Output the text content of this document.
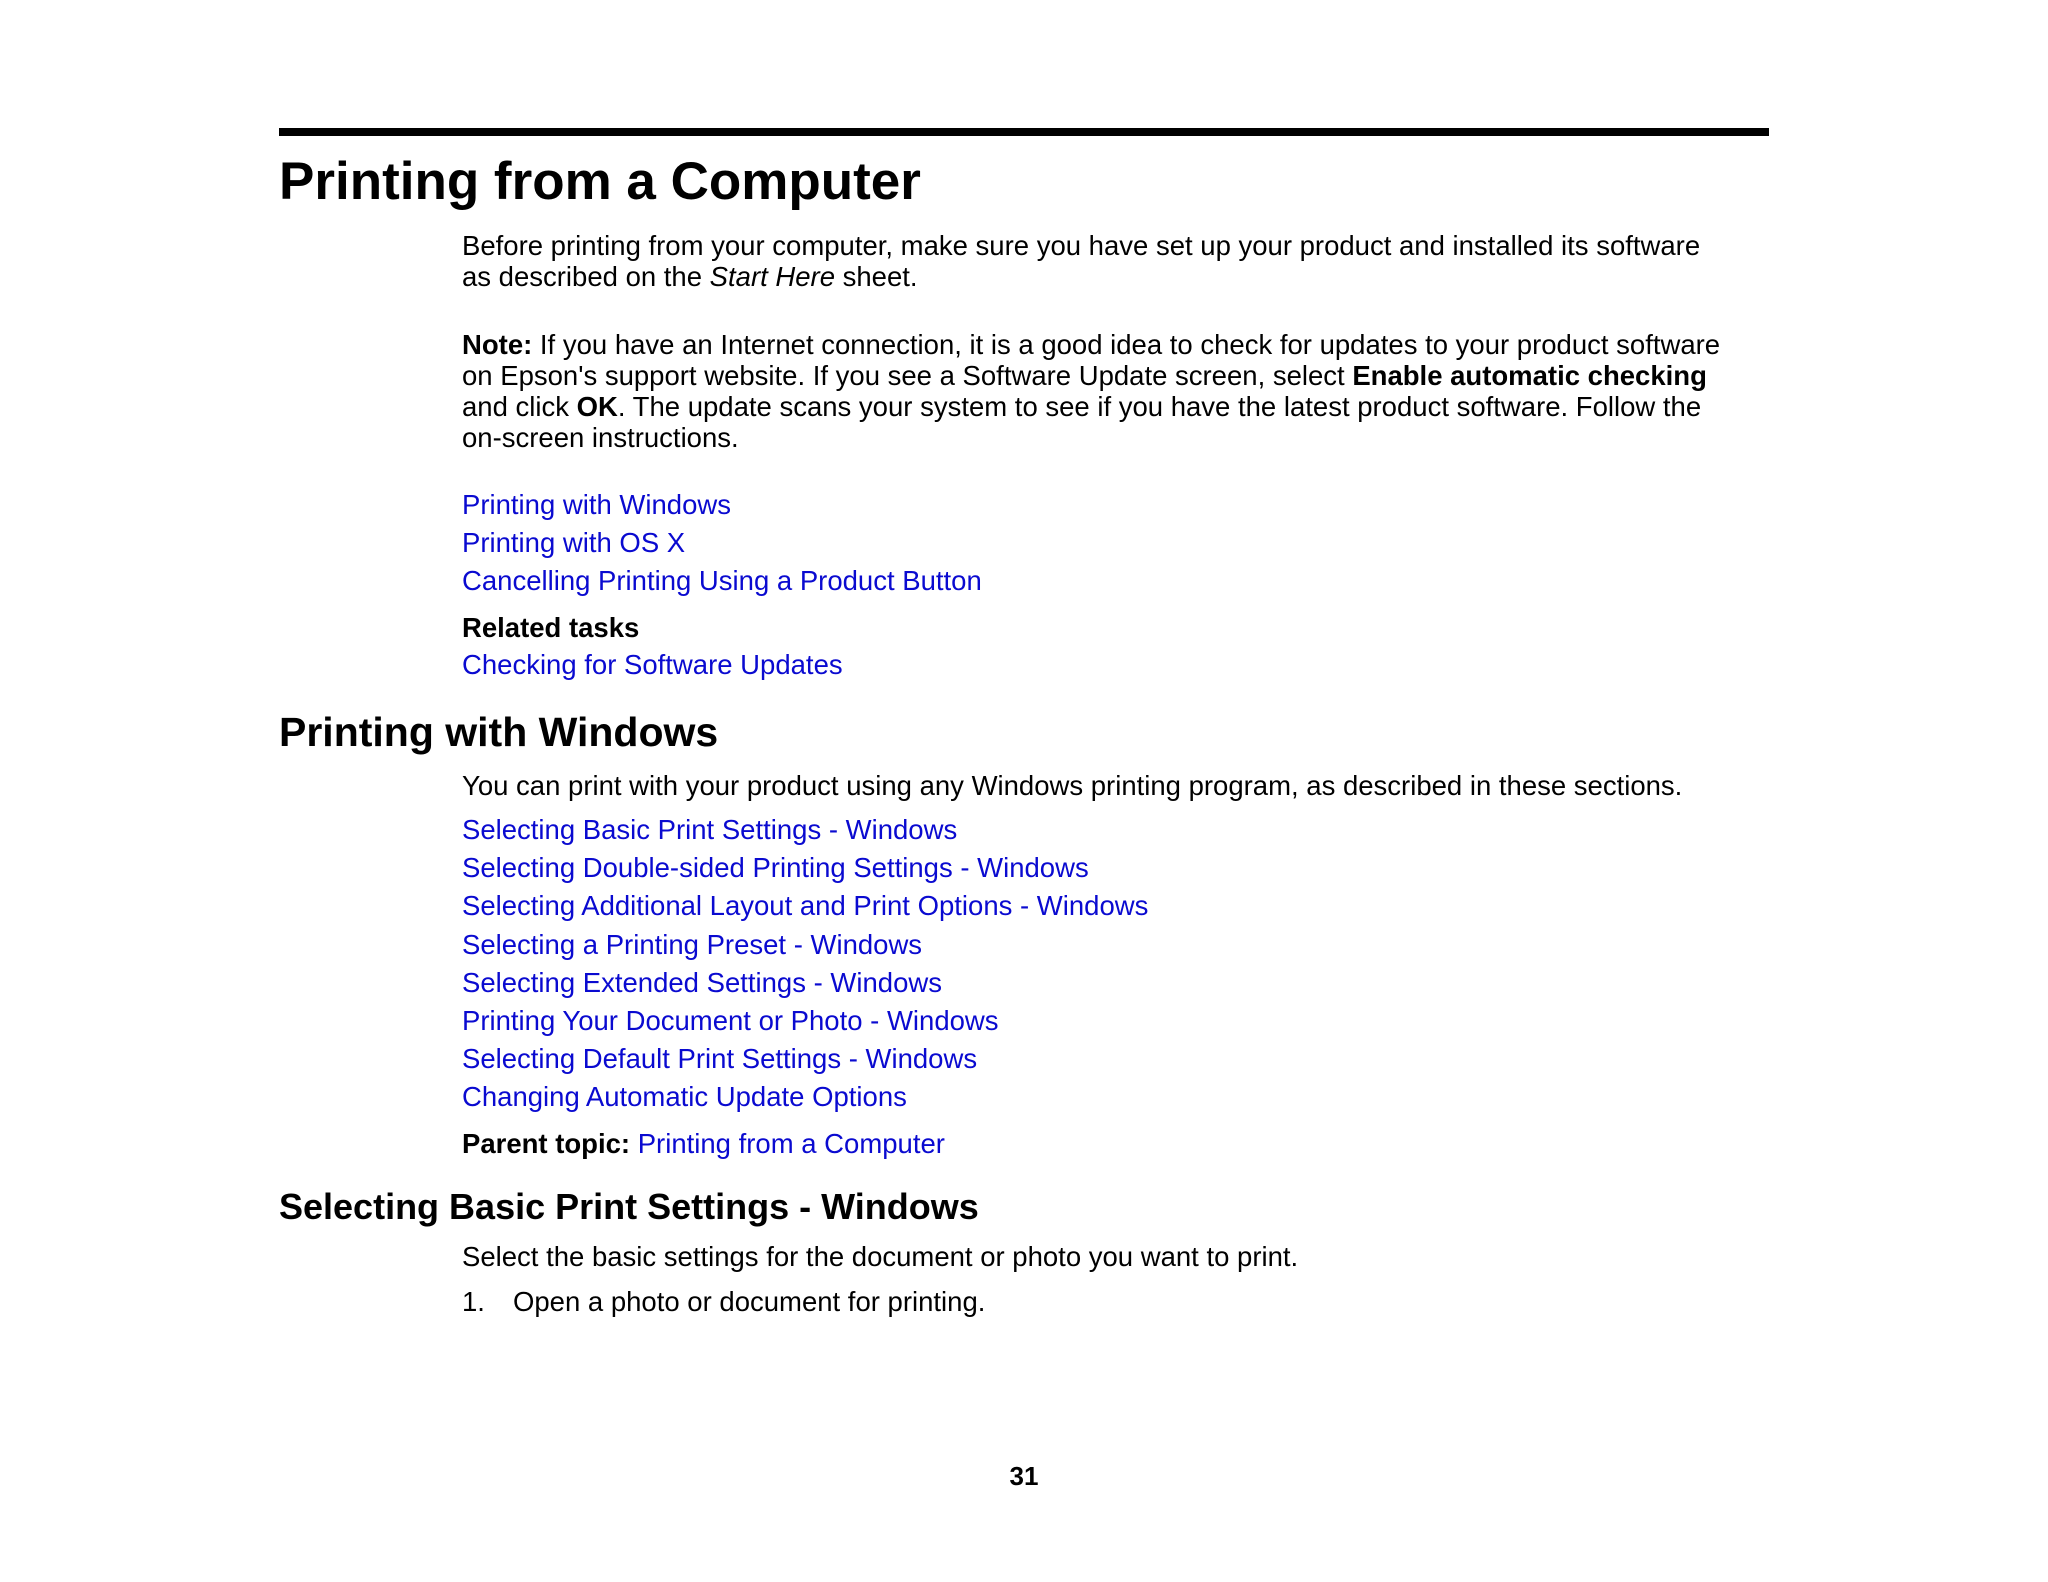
Printing from a Computer

Before printing from your computer, make sure you have set up your product and installed its software
as described on the Start Here sheet.

Note: If you have an Internet connection, it is a good idea to check for updates to your product software
on Epson's support website. If you see a Software Update screen, select Enable automatic checking
and click OK. The update scans your system to see if you have the latest product software. Follow the
on-screen instructions.

Printing with Windows
Printing with OS X
Cancelling Printing Using a Product Button
Related tasks
Checking for Software Updates
Printing with Windows

You can print with your product using any Windows printing program, as described in these sections.

Selecting Basic Print Settings - Windows
Selecting Double-sided Printing Settings - Windows
Selecting Additional Layout and Print Options - Windows
Selecting a Printing Preset - Windows
Selecting Extended Settings - Windows
Printing Your Document or Photo - Windows
Selecting Default Print Settings - Windows
Changing Automatic Update Options
Parent topic: Printing from a Computer
Selecting Basic Print Settings - Windows

Select the basic settings for the document or photo you want to print.

1. Open a photo or document for printing.
31
